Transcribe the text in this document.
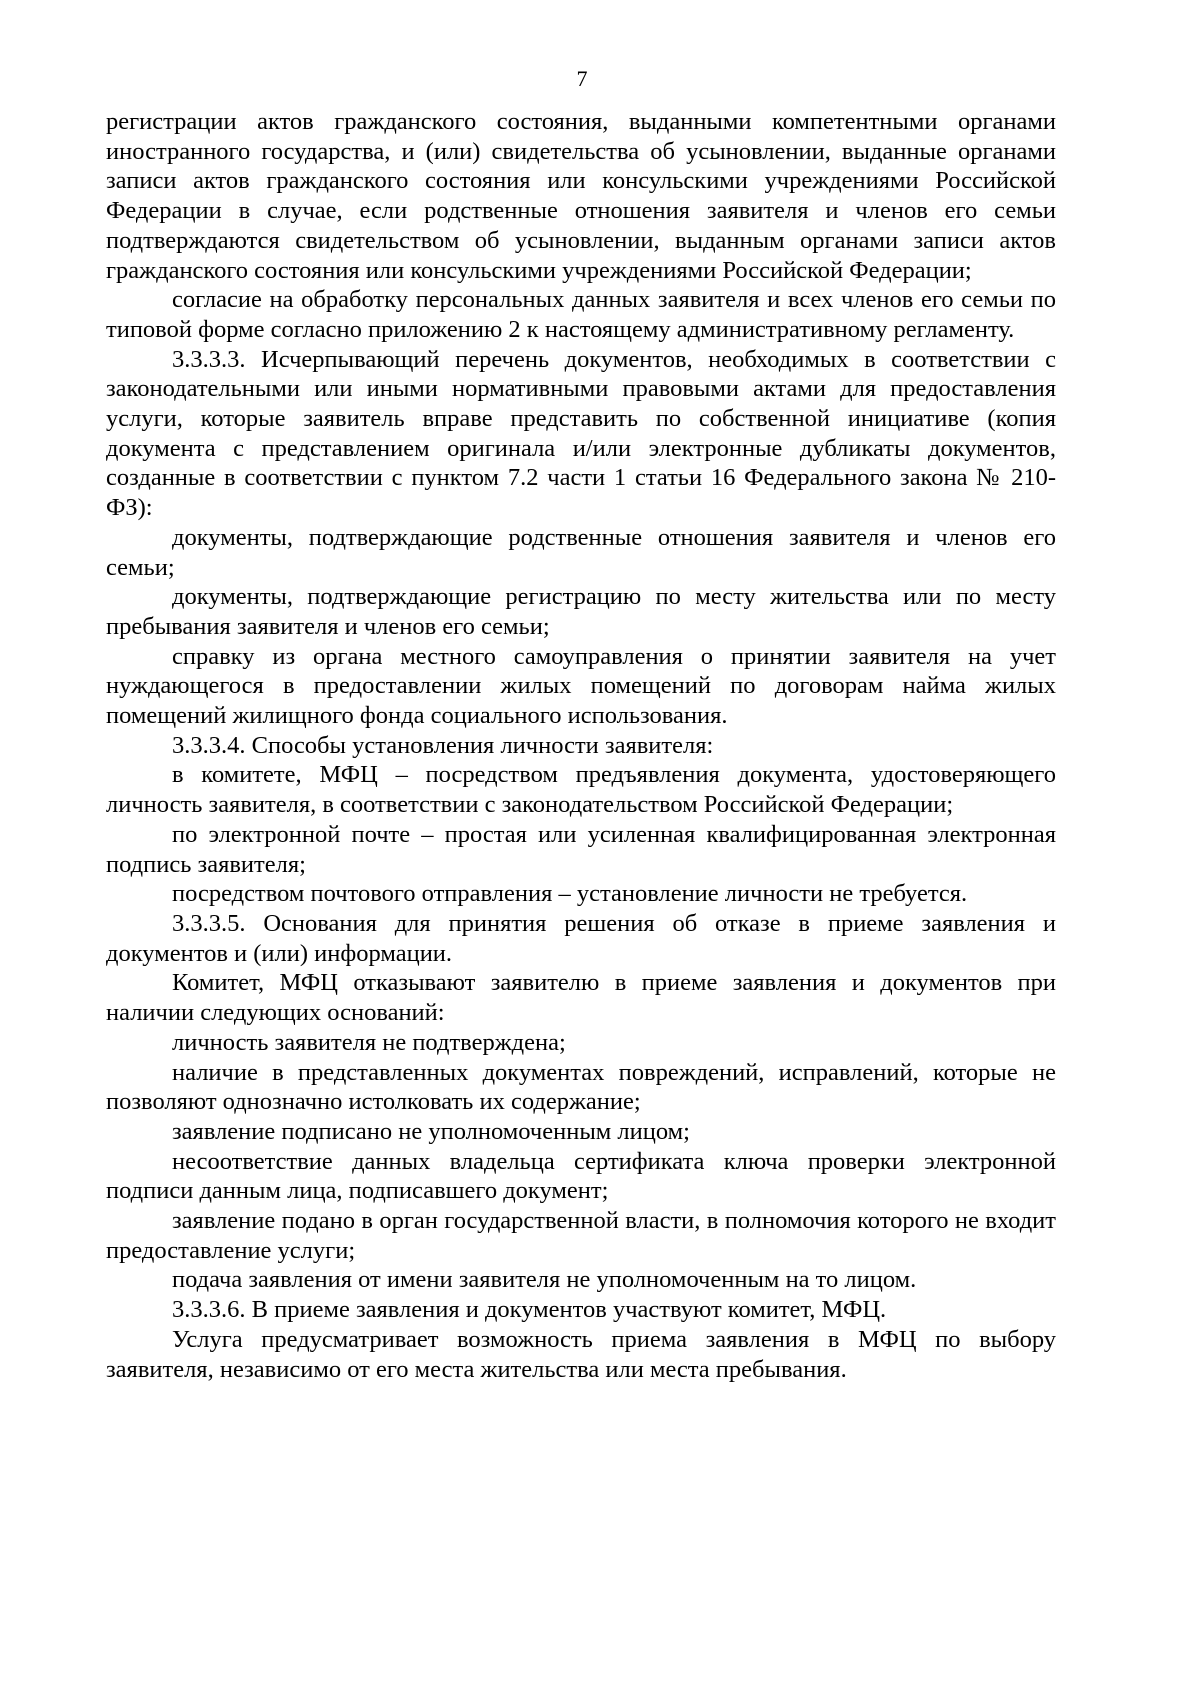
7

регистрации актов гражданского состояния, выданными компетентными органами иностранного государства, и (или) свидетельства об усыновлении, выданные органами записи актов гражданского состояния или консульскими учреждениями Российской Федерации в случае, если родственные отношения заявителя и членов его семьи подтверждаются свидетельством об усыновлении, выданным органами записи актов гражданского состояния или консульскими учреждениями Российской Федерации;

согласие на обработку персональных данных заявителя и всех членов его семьи по типовой форме согласно приложению 2 к настоящему административному регламенту.

3.3.3.3. Исчерпывающий перечень документов, необходимых в соответствии с законодательными или иными нормативными правовыми актами для предоставления услуги, которые заявитель вправе представить по собственной инициативе (копия документа с представлением оригинала и/или электронные дубликаты документов, созданные в соответствии с пунктом 7.2 части 1 статьи 16 Федерального закона № 210-ФЗ):

документы, подтверждающие родственные отношения заявителя и членов его семьи;

документы, подтверждающие регистрацию по месту жительства или по месту пребывания заявителя и членов его семьи;

справку из органа местного самоуправления о принятии заявителя на учет нуждающегося в предоставлении жилых помещений по договорам найма жилых помещений жилищного фонда социального использования.

3.3.3.4. Способы установления личности заявителя:

в комитете, МФЦ – посредством предъявления документа, удостоверяющего личность заявителя, в соответствии с законодательством Российской Федерации;

по электронной почте – простая или усиленная квалифицированная электронная подпись заявителя;

посредством почтового отправления – установление личности не требуется.

3.3.3.5. Основания для принятия решения об отказе в приеме заявления и документов и (или) информации.

Комитет, МФЦ отказывают заявителю в приеме заявления и документов при наличии следующих оснований:

личность заявителя не подтверждена;

наличие в представленных документах повреждений, исправлений, которые не позволяют однозначно истолковать их содержание;

заявление подписано не уполномоченным лицом;

несоответствие данных владельца сертификата ключа проверки электронной подписи данным лица, подписавшего документ;

заявление подано в орган государственной власти, в полномочия которого не входит предоставление услуги;

подача заявления от имени заявителя не уполномоченным на то лицом.

3.3.3.6. В приеме заявления и документов участвуют комитет, МФЦ.

Услуга предусматривает возможность приема заявления в МФЦ по выбору заявителя, независимо от его места жительства или места пребывания.
